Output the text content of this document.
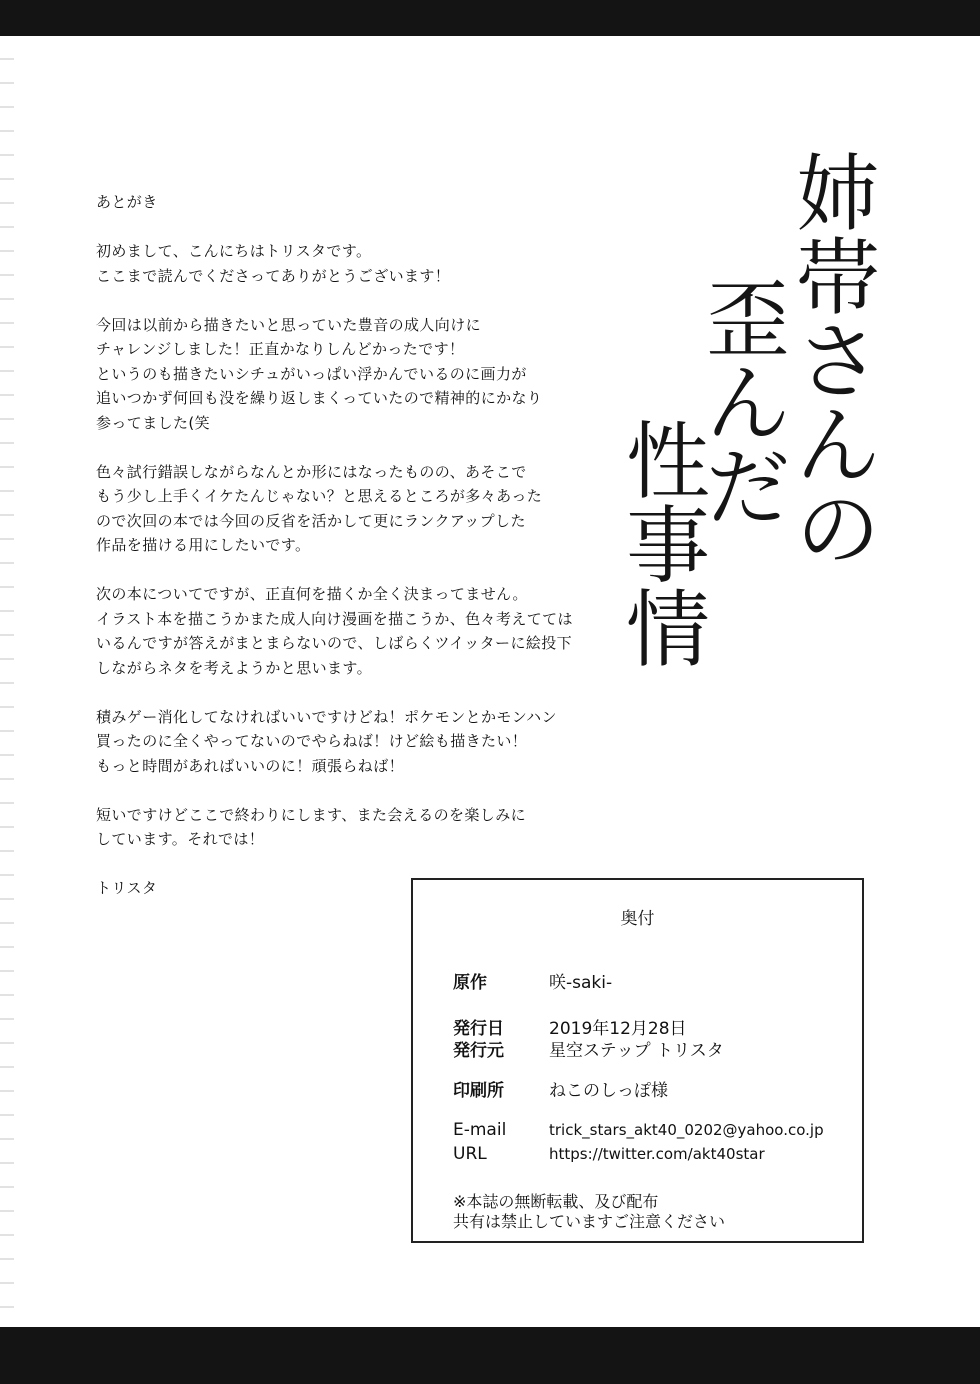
姉
帯
さ
ん
の
歪
ん
だ
性
事
情

あとがき

初めまして、こんにちはトリスタです。
ここまで読んでくださってありがとうございます！

今回は以前から描きたいと思っていた豊音の成人向けに
チャレンジしました！正直かなりしんどかったです！
というのも描きたいシチュがいっぱい浮かんでいるのに画力が
追いつかず何回も没を繰り返しまくっていたので精神的にかなり
参ってました(笑

色々試行錯誤しながらなんとか形にはなったものの、あそこで
もう少し上手くイケたんじゃない？と思えるところが多々あった
ので次回の本では今回の反省を活かして更にランクアップした
作品を描ける用にしたいです。

次の本についてですが、正直何を描くか全く決まってません。
イラスト本を描こうかまた成人向け漫画を描こうか、色々考えてては
いるんですが答えがまとまらないので、しばらくツイッターに絵投下
しながらネタを考えようかと思います。

積みゲー消化してなければいいですけどね！ポケモンとかモンハン
買ったのに全くやってないのでやらねば！けど絵も描きたい！
もっと時間があればいいのに！頑張らねば！

短いですけどここで終わりにします、また会えるのを楽しみに
しています。それでは！

トリスタ

奥付
原作	咲-saki-
発行日	2019年12月28日
発行元	星空ステップ トリスタ
印刷所	ねこのしっぽ様
E-mail	trick_stars_akt40_0202@yahoo.co.jp
URL	https://twitter.com/akt40star
※本誌の無断転載、及び配布
共有は禁止していますご注意ください
